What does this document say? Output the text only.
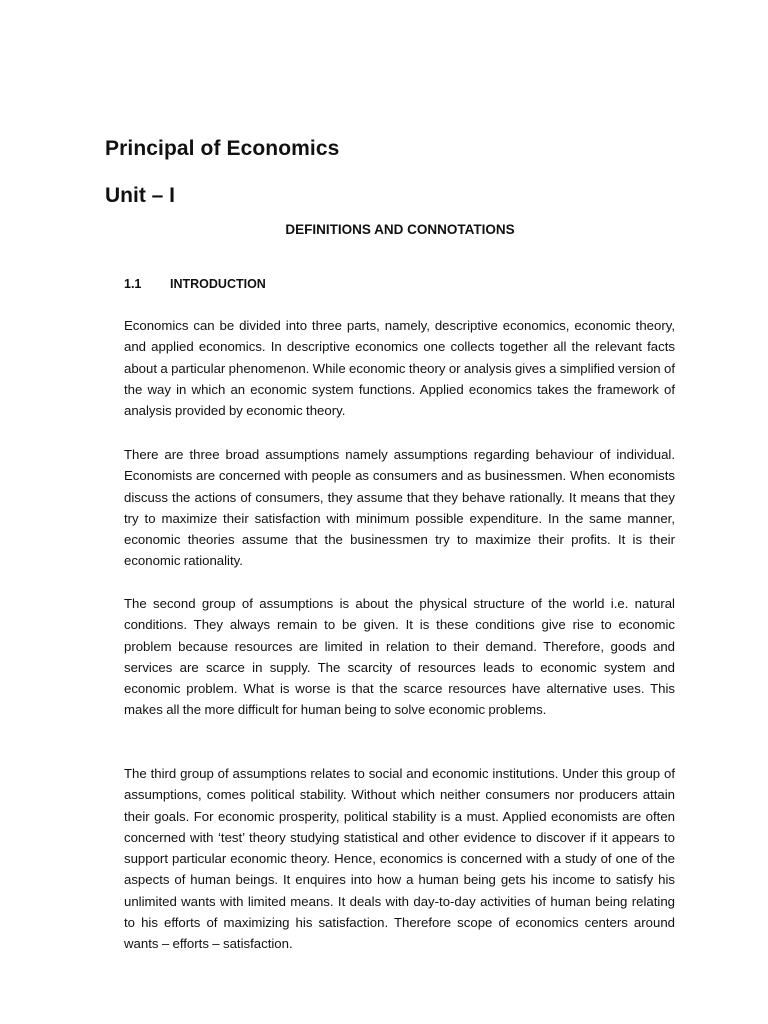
Principal of Economics
Unit – I
DEFINITIONS AND CONNOTATIONS
1.1 INTRODUCTION

Economics can be divided into three parts, namely, descriptive economics, economic theory, and applied economics. In descriptive economics one collects together all the relevant facts about a particular phenomenon. While economic theory or analysis gives a simplified version of the way in which an economic system functions. Applied economics takes the framework of analysis provided by economic theory.

There are three broad assumptions namely assumptions regarding behaviour of individual. Economists are concerned with people as consumers and as businessmen. When economists discuss the actions of consumers, they assume that they behave rationally. It means that they try to maximize their satisfaction with minimum possible expenditure. In the same manner, economic theories assume that the businessmen try to maximize their profits. It is their economic rationality.

The second group of assumptions is about the physical structure of the world i.e. natural conditions. They always remain to be given. It is these conditions give rise to economic problem because resources are limited in relation to their demand. Therefore, goods and services are scarce in supply. The scarcity of resources leads to economic system and economic problem. What is worse is that the scarce resources have alternative uses. This makes all the more difficult for human being to solve economic problems.

The third group of assumptions relates to social and economic institutions. Under this group of assumptions, comes political stability. Without which neither consumers nor producers attain their goals. For economic prosperity, political stability is a must. Applied economists are often concerned with ‘test’ theory studying statistical and other evidence to discover if it appears to support particular economic theory. Hence, economics is concerned with a study of one of the aspects of human beings. It enquires into how a human being gets his income to satisfy his unlimited wants with limited means. It deals with day-to-day activities of human being relating to his efforts of maximizing his satisfaction. Therefore scope of economics centers around wants – efforts – satisfaction.
